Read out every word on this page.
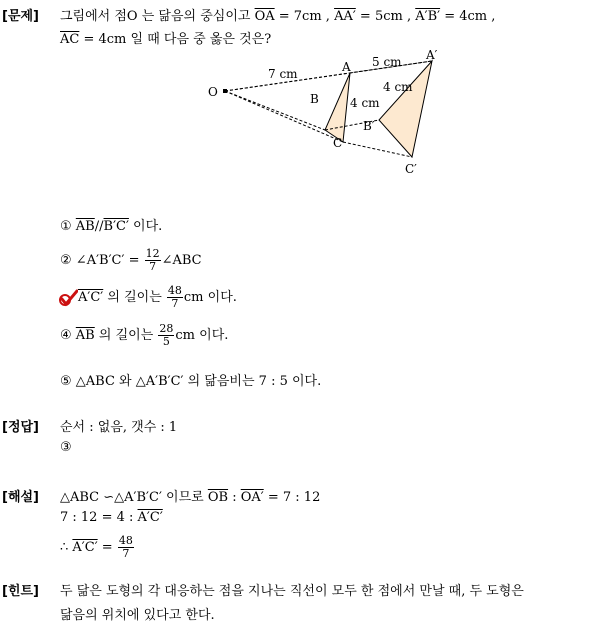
[문제] 그림에서 점O 는 닮음의 중심이고 $\overline{OA} = 7cm$ , AA′ = 5cm , A′B′ = 4cm ,
$\overline{AC} = 4cm$ 일 때 다음 중 옳은 것은?
O
A
A′
B
B′
C
C′
7 cm
5 cm
4 cm
4 cm
① $\overline{AB}//B'C'$ 이다.
② ∠A′B′C′ = $\frac{12}{7}$ ∠ABC
A′C′ 의 길이는 $\frac{48}{7}$ cm 이다.
④ $\overline{AB}$ 의 길이는 $\frac{28}{5}$ cm 이다.
⑤ △ABC 와 △A′B′C′ 의 닮음비는 7 : 5 이다.
[정답] 순서 : 없음, 갯수 : 1
③
[해설] △ABC ∽△A′B′C′ 이므로 $\overline{OB}$ : OA′ = 7 : 12
7 : 12 = 4 : A′C′
∴ $A'C' = \frac{48}{7}$
[힌트] 두 닮은 도형의 각 대응하는 점을 지나는 직선이 모두 한 점에서 만날 때, 두 도형은
닮음의 위치에 있다고 한다.
